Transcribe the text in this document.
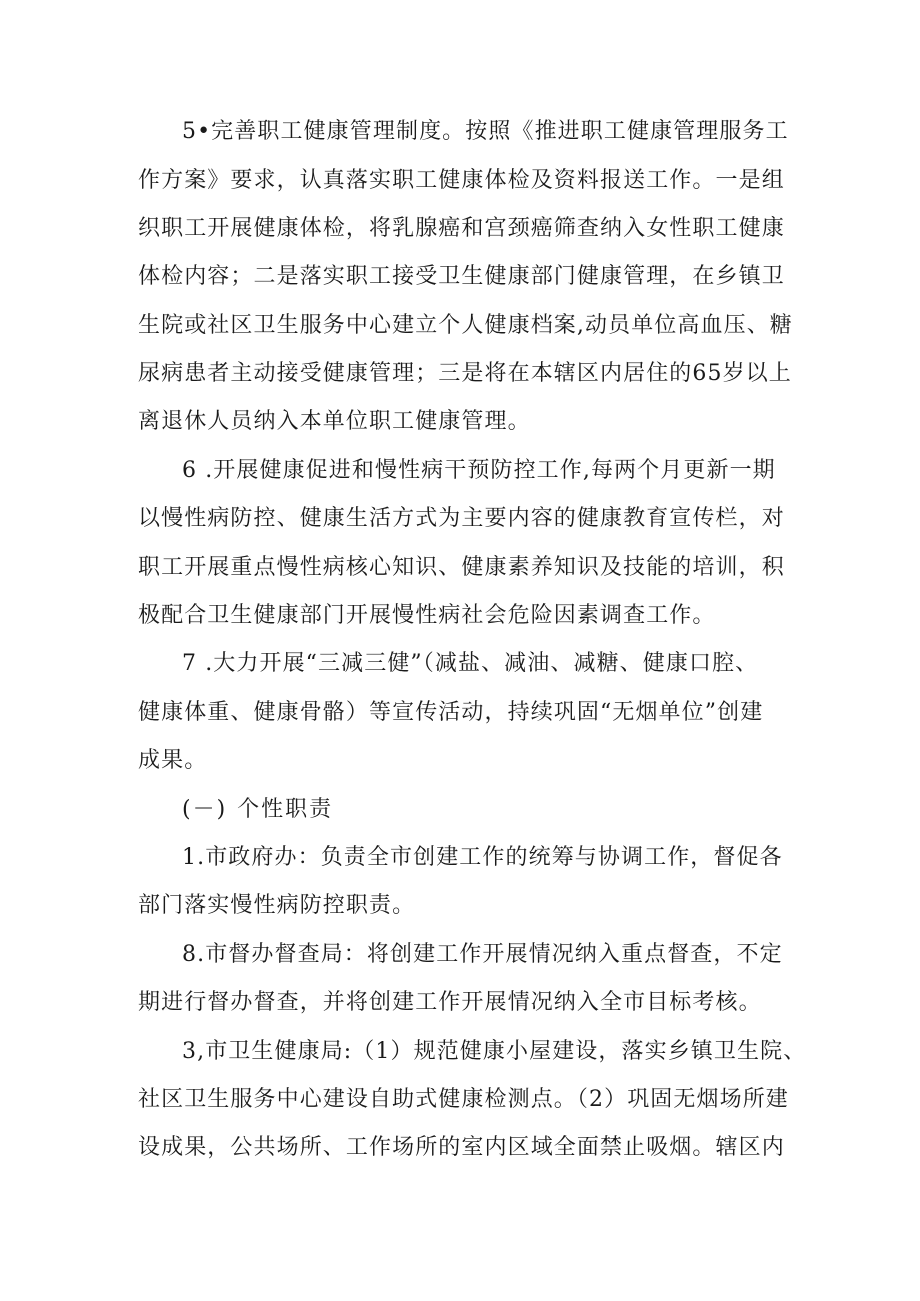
5•完善职工健康管理制度。按照《推进职工健康管理服务工
作方案》要求，认真落实职工健康体检及资料报送工作。一是组
织职工开展健康体检，将乳腺癌和宫颈癌筛查纳入女性职工健康
体检内容；二是落实职工接受卫生健康部门健康管理，在乡镇卫
生院或社区卫生服务中心建立个人健康档案,动员单位高血压、糖
尿病患者主动接受健康管理；三是将在本辖区内居住的65岁以上
离退休人员纳入本单位职工健康管理。
6 .开展健康促进和慢性病干预防控工作,每两个月更新一期
以慢性病防控、健康生活方式为主要内容的健康教育宣传栏，对
职工开展重点慢性病核心知识、健康素养知识及技能的培训，积
极配合卫生健康部门开展慢性病社会危险因素调查工作。
7 .大力开展“三减三健”（减盐、减油、减糖、健康口腔、
健康体重、健康骨骼）等宣传活动，持续巩固“无烟单位”创建
成果。
(－) 个性职责
1.市政府办：负责全市创建工作的统筹与协调工作，督促各
部门落实慢性病防控职责。
8.市督办督查局：将创建工作开展情况纳入重点督查，不定
期进行督办督查，并将创建工作开展情况纳入全市目标考核。
3,市卫生健康局:（1）规范健康小屋建设，落实乡镇卫生院、
社区卫生服务中心建设自助式健康检测点。（2）巩固无烟场所建
设成果，公共场所、工作场所的室内区域全面禁止吸烟。辖区内
